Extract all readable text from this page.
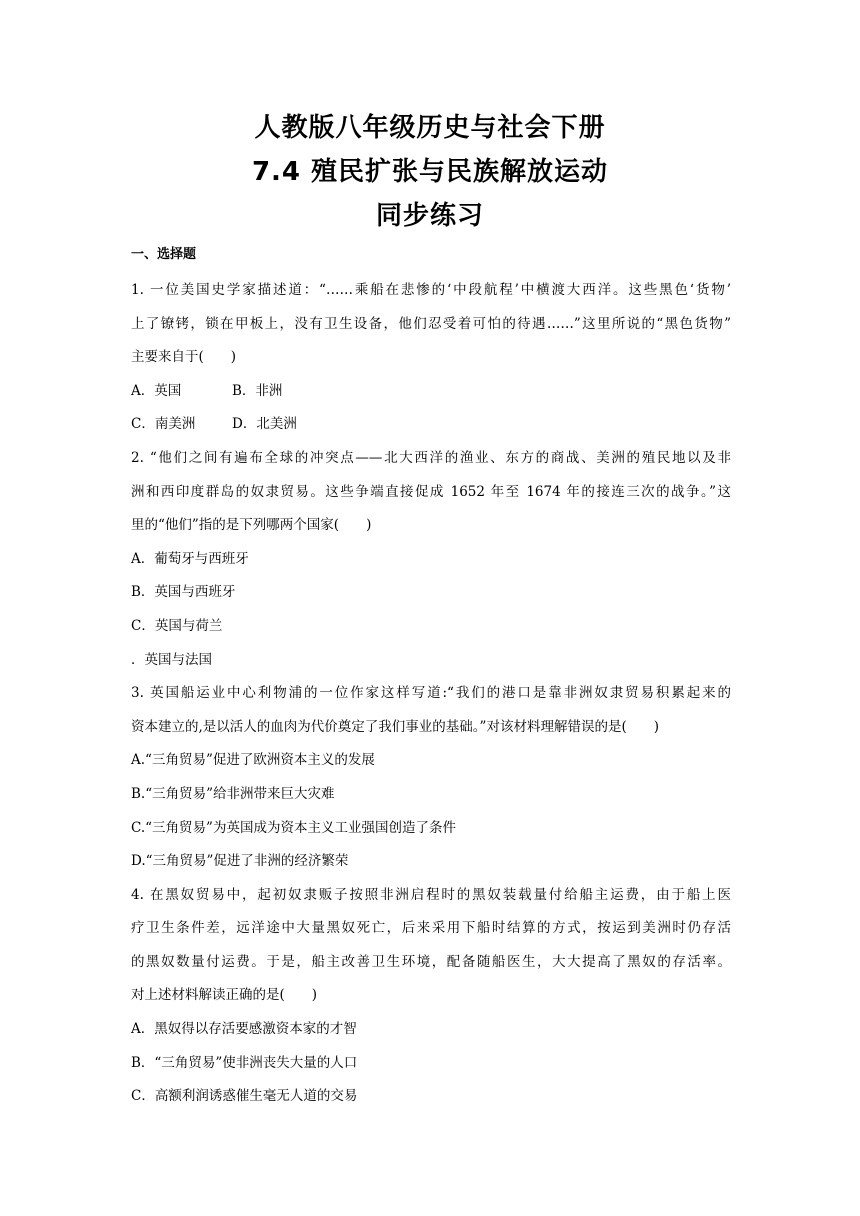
人教版八年级历史与社会下册
7.4 殖民扩张与民族解放运动
同步练习
一、选择题
1. 一位美国史学家描述道：“……乘船在悲惨的‘中段航程’中横渡大西洋。这些黑色‘货物’
上了镣铐，锁在甲板上，没有卫生设备，他们忍受着可怕的待遇……”这里所说的“黑色货物”
主要来自于(　　)
A．英国	B．非洲
C．南美洲	D．北美洲
2. “他们之间有遍布全球的冲突点——北大西洋的渔业、东方的商战、美洲的殖民地以及非
洲和西印度群岛的奴隶贸易。这些争端直接促成 1652 年至 1674 年的接连三次的战争。”这
里的“他们”指的是下列哪两个国家(　　)
A．葡萄牙与西班牙
B．英国与西班牙
C．英国与荷兰
．英国与法国
3. 英国船运业中心利物浦的一位作家这样写道:“我们的港口是靠非洲奴隶贸易积累起来的
资本建立的,是以活人的血肉为代价奠定了我们事业的基础。”对该材料理解错误的是(　　)
A.“三角贸易”促进了欧洲资本主义的发展
B.“三角贸易”给非洲带来巨大灾难
C.“三角贸易”为英国成为资本主义工业强国创造了条件
D.“三角贸易”促进了非洲的经济繁荣
4. 在黑奴贸易中，起初奴隶贩子按照非洲启程时的黑奴装载量付给船主运费，由于船上医
疗卫生条件差，远洋途中大量黑奴死亡，后来采用下船时结算的方式，按运到美洲时仍存活
的黑奴数量付运费。于是，船主改善卫生环境，配备随船医生，大大提高了黑奴的存活率。
对上述材料解读正确的是(　　)
A．黑奴得以存活要感激资本家的才智
B．“三角贸易”使非洲丧失大量的人口
C．高额利润诱惑催生毫无人道的交易
